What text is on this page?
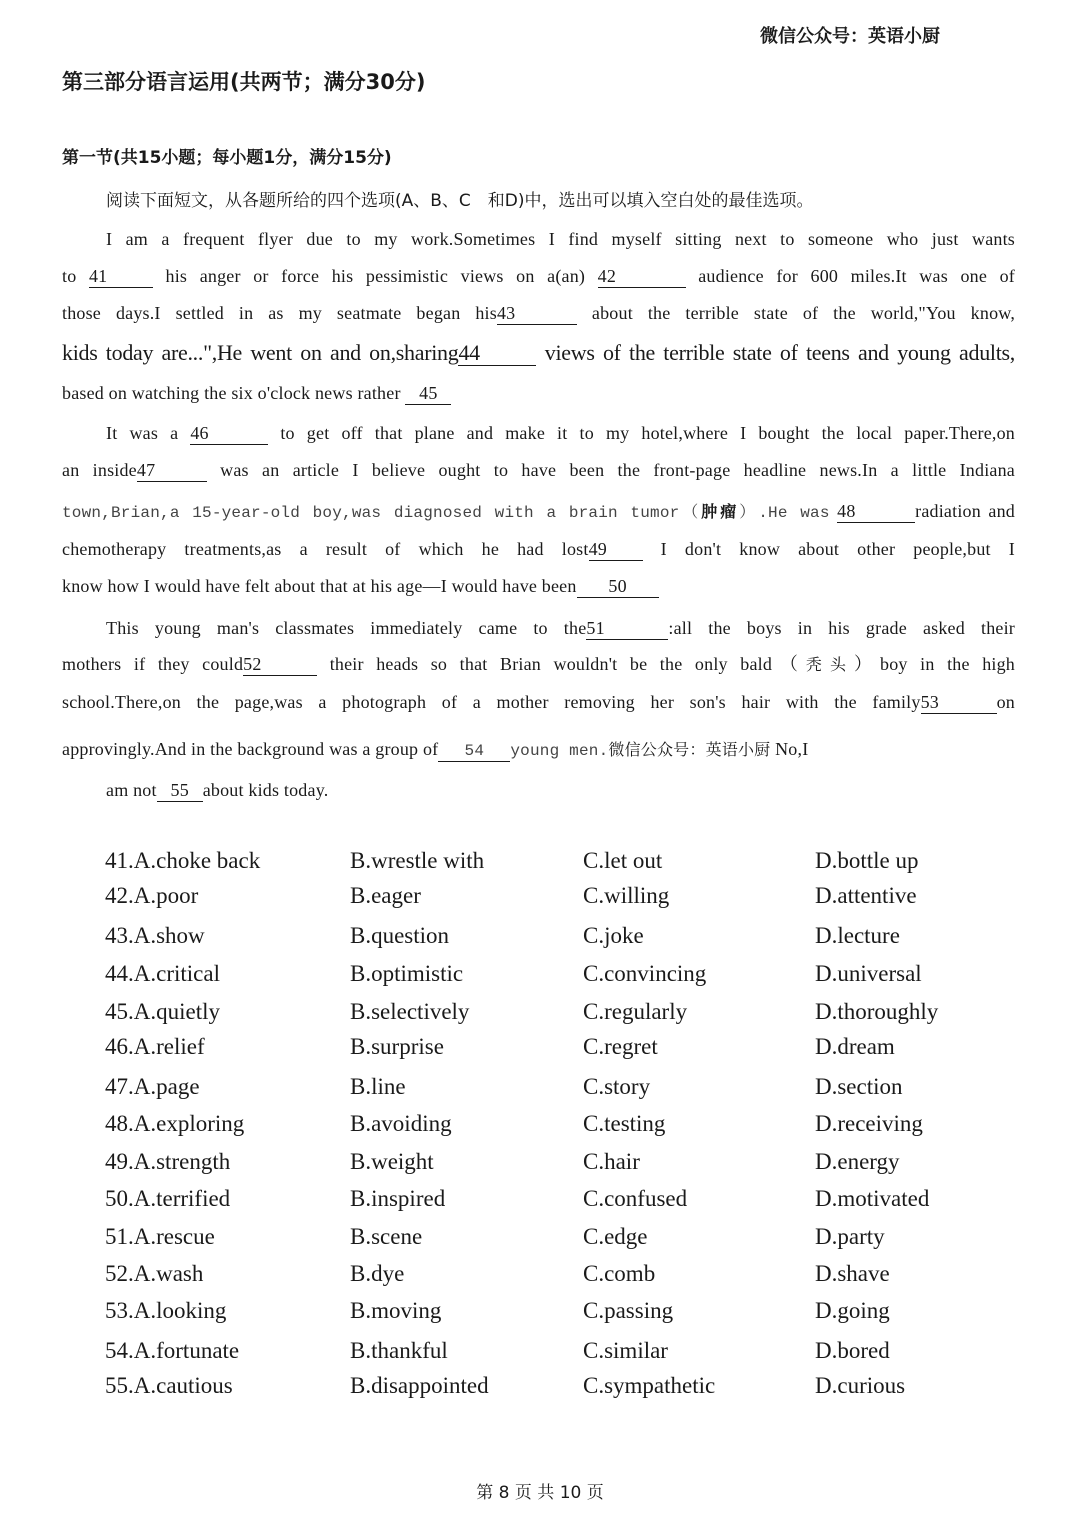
微信公众号：英语小厨
第三部分语言运用(共两节；满分30分)
第一节(共15小题；每小题1分，满分15分)
阅读下面短文，从各题所给的四个选项(A、B、C　和D)中，选出可以填入空白处的最佳选项。
I am a frequent flyer due to my work.Sometimes I find myself sitting next to someone who just wants
to 41	his anger or force his pessimistic views on a(an) 42	audience for 600 miles.It was one of
those days.I settled in as my seatmate began his43	about the terrible state of the world,"You know,
kids today are...",He went on and on,sharing44	views of the terrible state of teens and young adults,
based on watching the six o'clock news rather 45
It was a 46	to get off that plane and make it to my hotel,where I bought the local paper.There,on
an inside47	was an article I believe ought to have been the front-page headline news.In a little Indiana
town,Brian,a 15-year-old boy,was diagnosed with a brain tumor（肿瘤）.He was 48	radiation and
chemotherapy treatments,as a result of which he had lost49	I don't know about other people,but I
know how I would have felt about that at his age—I would have been 50
This young man's classmates immediately came to the51	:all the boys in his grade asked their
mothers if they could52	their heads so that Brian wouldn't be the only bald（秃头）boy in the high
school.There,on the page,was a photograph of a mother removing her son's hair with the family53	on
approvingly.And in the background was a group of 54 young men.微信公众号：英语小厨 No,I
am not 55 about kids today.
41.A.choke back	B.wrestle with	C.let out	D.bottle up
42.A.poor	B.eager	C.willing	D.attentive
43.A.show	B.question	C.joke	D.lecture
44.A.critical	B.optimistic	C.convincing	D.universal
45.A.quietly	B.selectively	C.regularly	D.thoroughly
46.A.relief	B.surprise	C.regret	D.dream
47.A.page	B.line	C.story	D.section
48.A.exploring	B.avoiding	C.testing	D.receiving
49.A.strength	B.weight	C.hair	D.energy
50.A.terrified	B.inspired	C.confused	D.motivated
51.A.rescue	B.scene	C.edge	D.party
52.A.wash	B.dye	C.comb	D.shave
53.A.looking	B.moving	C.passing	D.going
54.A.fortunate	B.thankful	C.similar	D.bored
55.A.cautious	B.disappointed	C.sympathetic	D.curious
第 8 页 共 10 页
